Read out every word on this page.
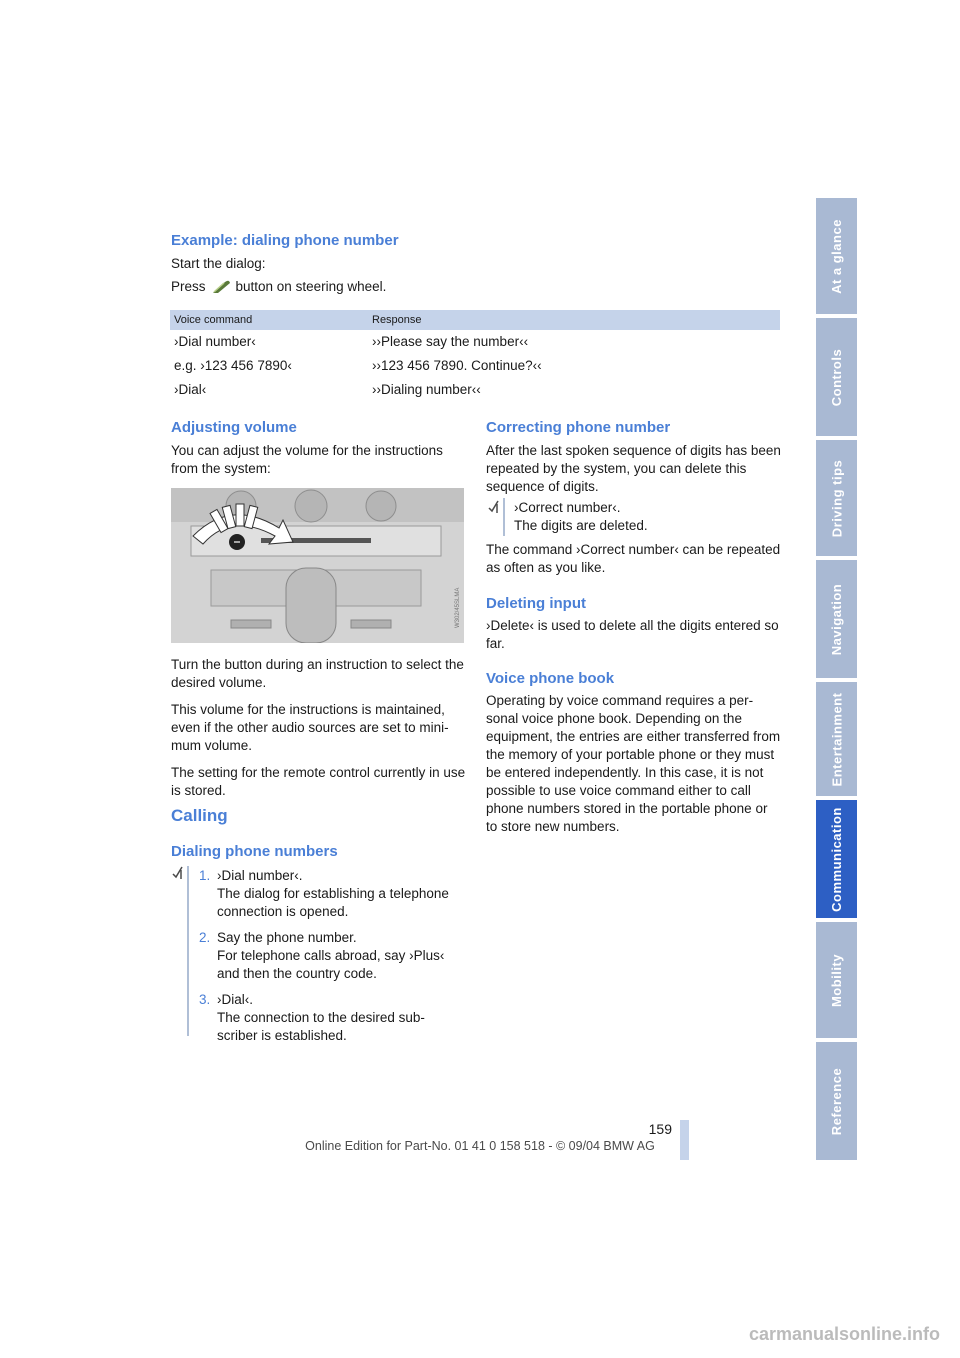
At a glance
Controls
Driving tips
Navigation
Entertainment
Communication
Mobility
Reference
Example: dialing phone number
Start the dialog:
Press button on steering wheel.
Voice command	Response
›Dial number‹	››Please say the number‹‹
e.g. ›123 456 7890‹	››123 456 7890. Continue?‹‹
›Dial‹	››Dialing number‹‹
Adjusting volume
You can adjust the volume for the instructions from the system:
W302/45SLMA

Turn the button during an instruction to select the desired volume.

This volume for the instructions is maintained, even if the other audio sources are set to mini- mum volume.

The setting for the remote control currently in use is stored.

Calling
Dialing phone numbers
1. ›Dial number‹.
The dialog for establishing a telephone connection is opened.
2. Say the phone number.
For telephone calls abroad, say ›Plus‹ and then the country code.
3. ›Dial‹.
The connection to the desired sub- scriber is established.
Correcting phone number
After the last spoken sequence of digits has been repeated by the system, you can delete this sequence of digits.
›Correct number‹.
The digits are deleted.
The command ›Correct number‹ can be repeated as often as you like.
Deleting input
›Delete‹ is used to delete all the digits entered so far.
Voice phone book
Operating by voice command requires a per- sonal voice phone book. Depending on the equipment, the entries are either transferred from the memory of your portable phone or they must be entered independently. In this case, it is not possible to use voice command either to call phone numbers stored in the portable phone or to store new numbers.
159
Online Edition for Part-No. 01 41 0 158 518 - © 09/04 BMW AG
carmanualsonline.info
